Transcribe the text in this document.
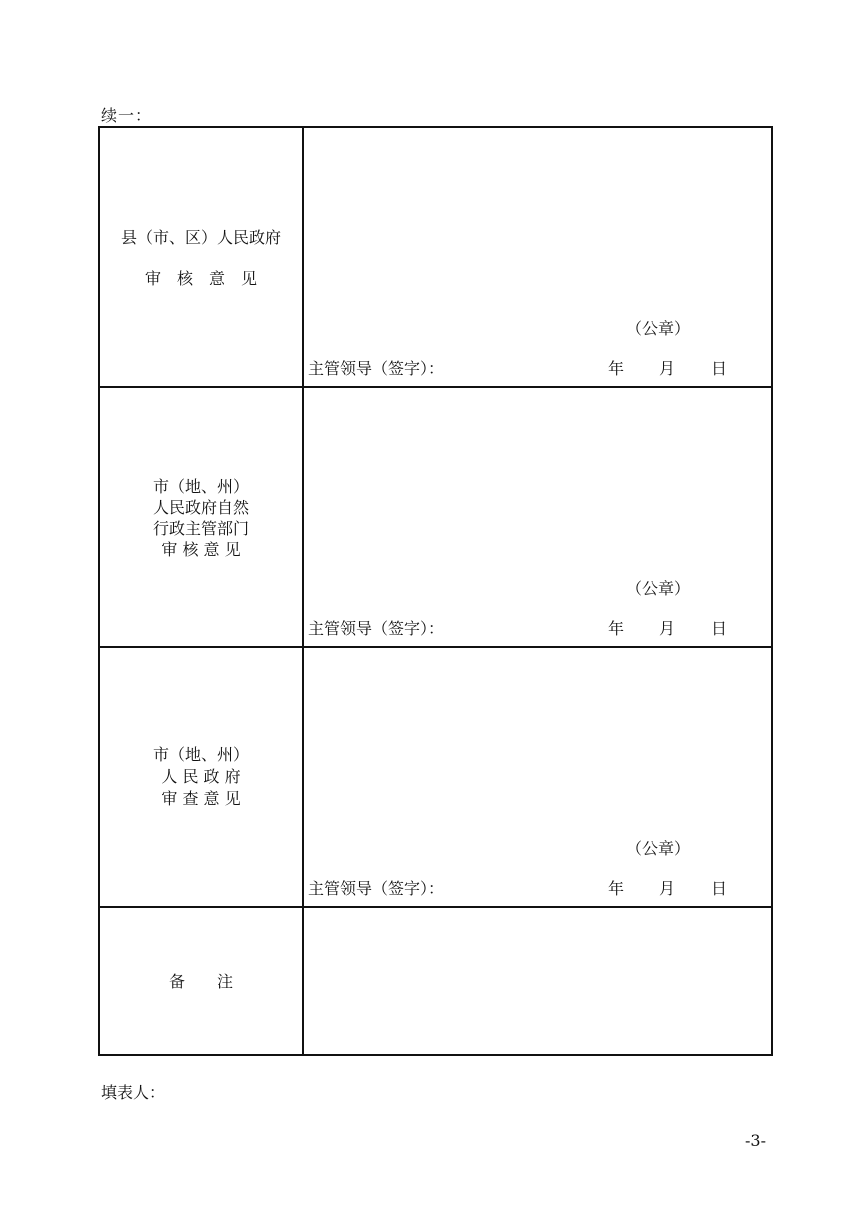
续一：
县（市、区）人民政府
审　核　意　见
（公章）
主管领导（签字）：	年 月 日
市（地、州）
人民政府自然
行政主管部门
审 核 意 见
（公章）
主管领导（签字）：	年 月 日
市（地、州）
人 民 政 府
审 查 意 见
（公章）
主管领导（签字）：	年 月 日
备　　注
填表人：
-3-
